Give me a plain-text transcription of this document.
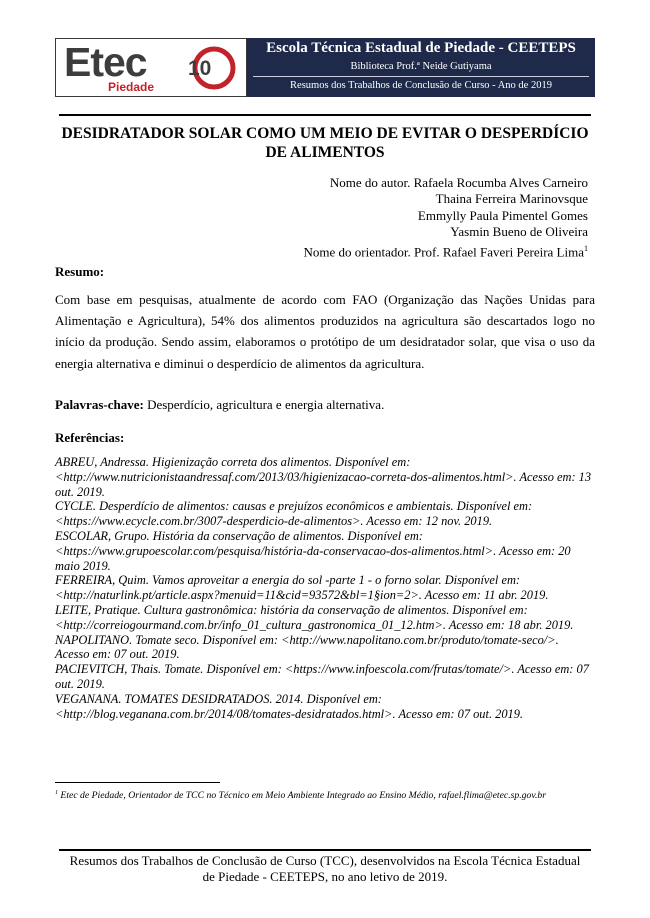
Etec
Piedade
10
Escola Técnica Estadual de Piedade - CEETEPS
Biblioteca Prof.ª Neide Gutiyama
Resumos dos Trabalhos de Conclusão de Curso - Ano de 2019
DESIDRATADOR SOLAR COMO UM MEIO DE EVITAR O DESPERDÍCIO
DE ALIMENTOS
Nome do autor. Rafaela Rocumba Alves Carneiro
Thaina Ferreira Marinovsque
Emmylly Paula Pimentel Gomes
Yasmin Bueno de Oliveira
Nome do orientador. Prof. Rafael Faveri Pereira Lima$^1$
Resumo:
Com base em pesquisas, atualmente de acordo com FAO (Organização das Nações Unidas para Alimentação e Agricultura), 54% dos alimentos produzidos na agricultura são descartados logo no início da produção. Sendo assim, elaboramos o protótipo de um desidratador solar, que visa o uso da energia alternativa e diminui o desperdício de alimentos da agricultura.
Palavras-chave: Desperdício, agricultura e energia alternativa.
Referências:
ABREU, Andressa. Higienização correta dos alimentos. Disponível em: <http://www.nutricionistaandressaf.com/2013/03/higienizacao-correta-dos-alimentos.html>. Acesso em: 13 out. 2019.
CYCLE. Desperdício de alimentos: causas e prejuízos econômicos e ambientais. Disponível em: <https://www.ecycle.com.br/3007-desperdicio-de-alimentos>. Acesso em: 12 nov. 2019.
ESCOLAR, Grupo. História da conservação de alimentos. Disponível em: <https://www.grupoescolar.com/pesquisa/história-da-conservacao-dos-alimentos.html>. Acesso em: 20 maio 2019.
FERREIRA, Quim. Vamos aproveitar a energia do sol -parte 1 - o forno solar. Disponível em: <http://naturlink.pt/article.aspx?menuid=11&cid=93572&bl=1§ion=2>. Acesso em: 11 abr. 2019.
LEITE, Pratique. Cultura gastronômica: história da conservação de alimentos. Disponível em: <http://correiogourmand.com.br/info_01_cultura_gastronomica_01_12.htm>. Acesso em: 18 abr. 2019.
NAPOLITANO. Tomate seco. Disponível em: <http://www.napolitano.com.br/produto/tomate-seco/>. Acesso em: 07 out. 2019.
PACIEVITCH, Thais. Tomate. Disponível em: <https://www.infoescola.com/frutas/tomate/>. Acesso em: 07 out. 2019.
VEGANANA. TOMATES DESIDRATADOS. 2014. Disponível em: <http://blog.veganana.com.br/2014/08/tomates-desidratados.html>. Acesso em: 07 out. 2019.
$^1$ Etec de Piedade, Orientador de TCC no Técnico em Meio Ambiente Integrado ao Ensino Médio, rafael.flima@etec.sp.gov.br
Resumos dos Trabalhos de Conclusão de Curso (TCC), desenvolvidos na Escola Técnica Estadual
de Piedade - CEETEPS, no ano letivo de 2019.
